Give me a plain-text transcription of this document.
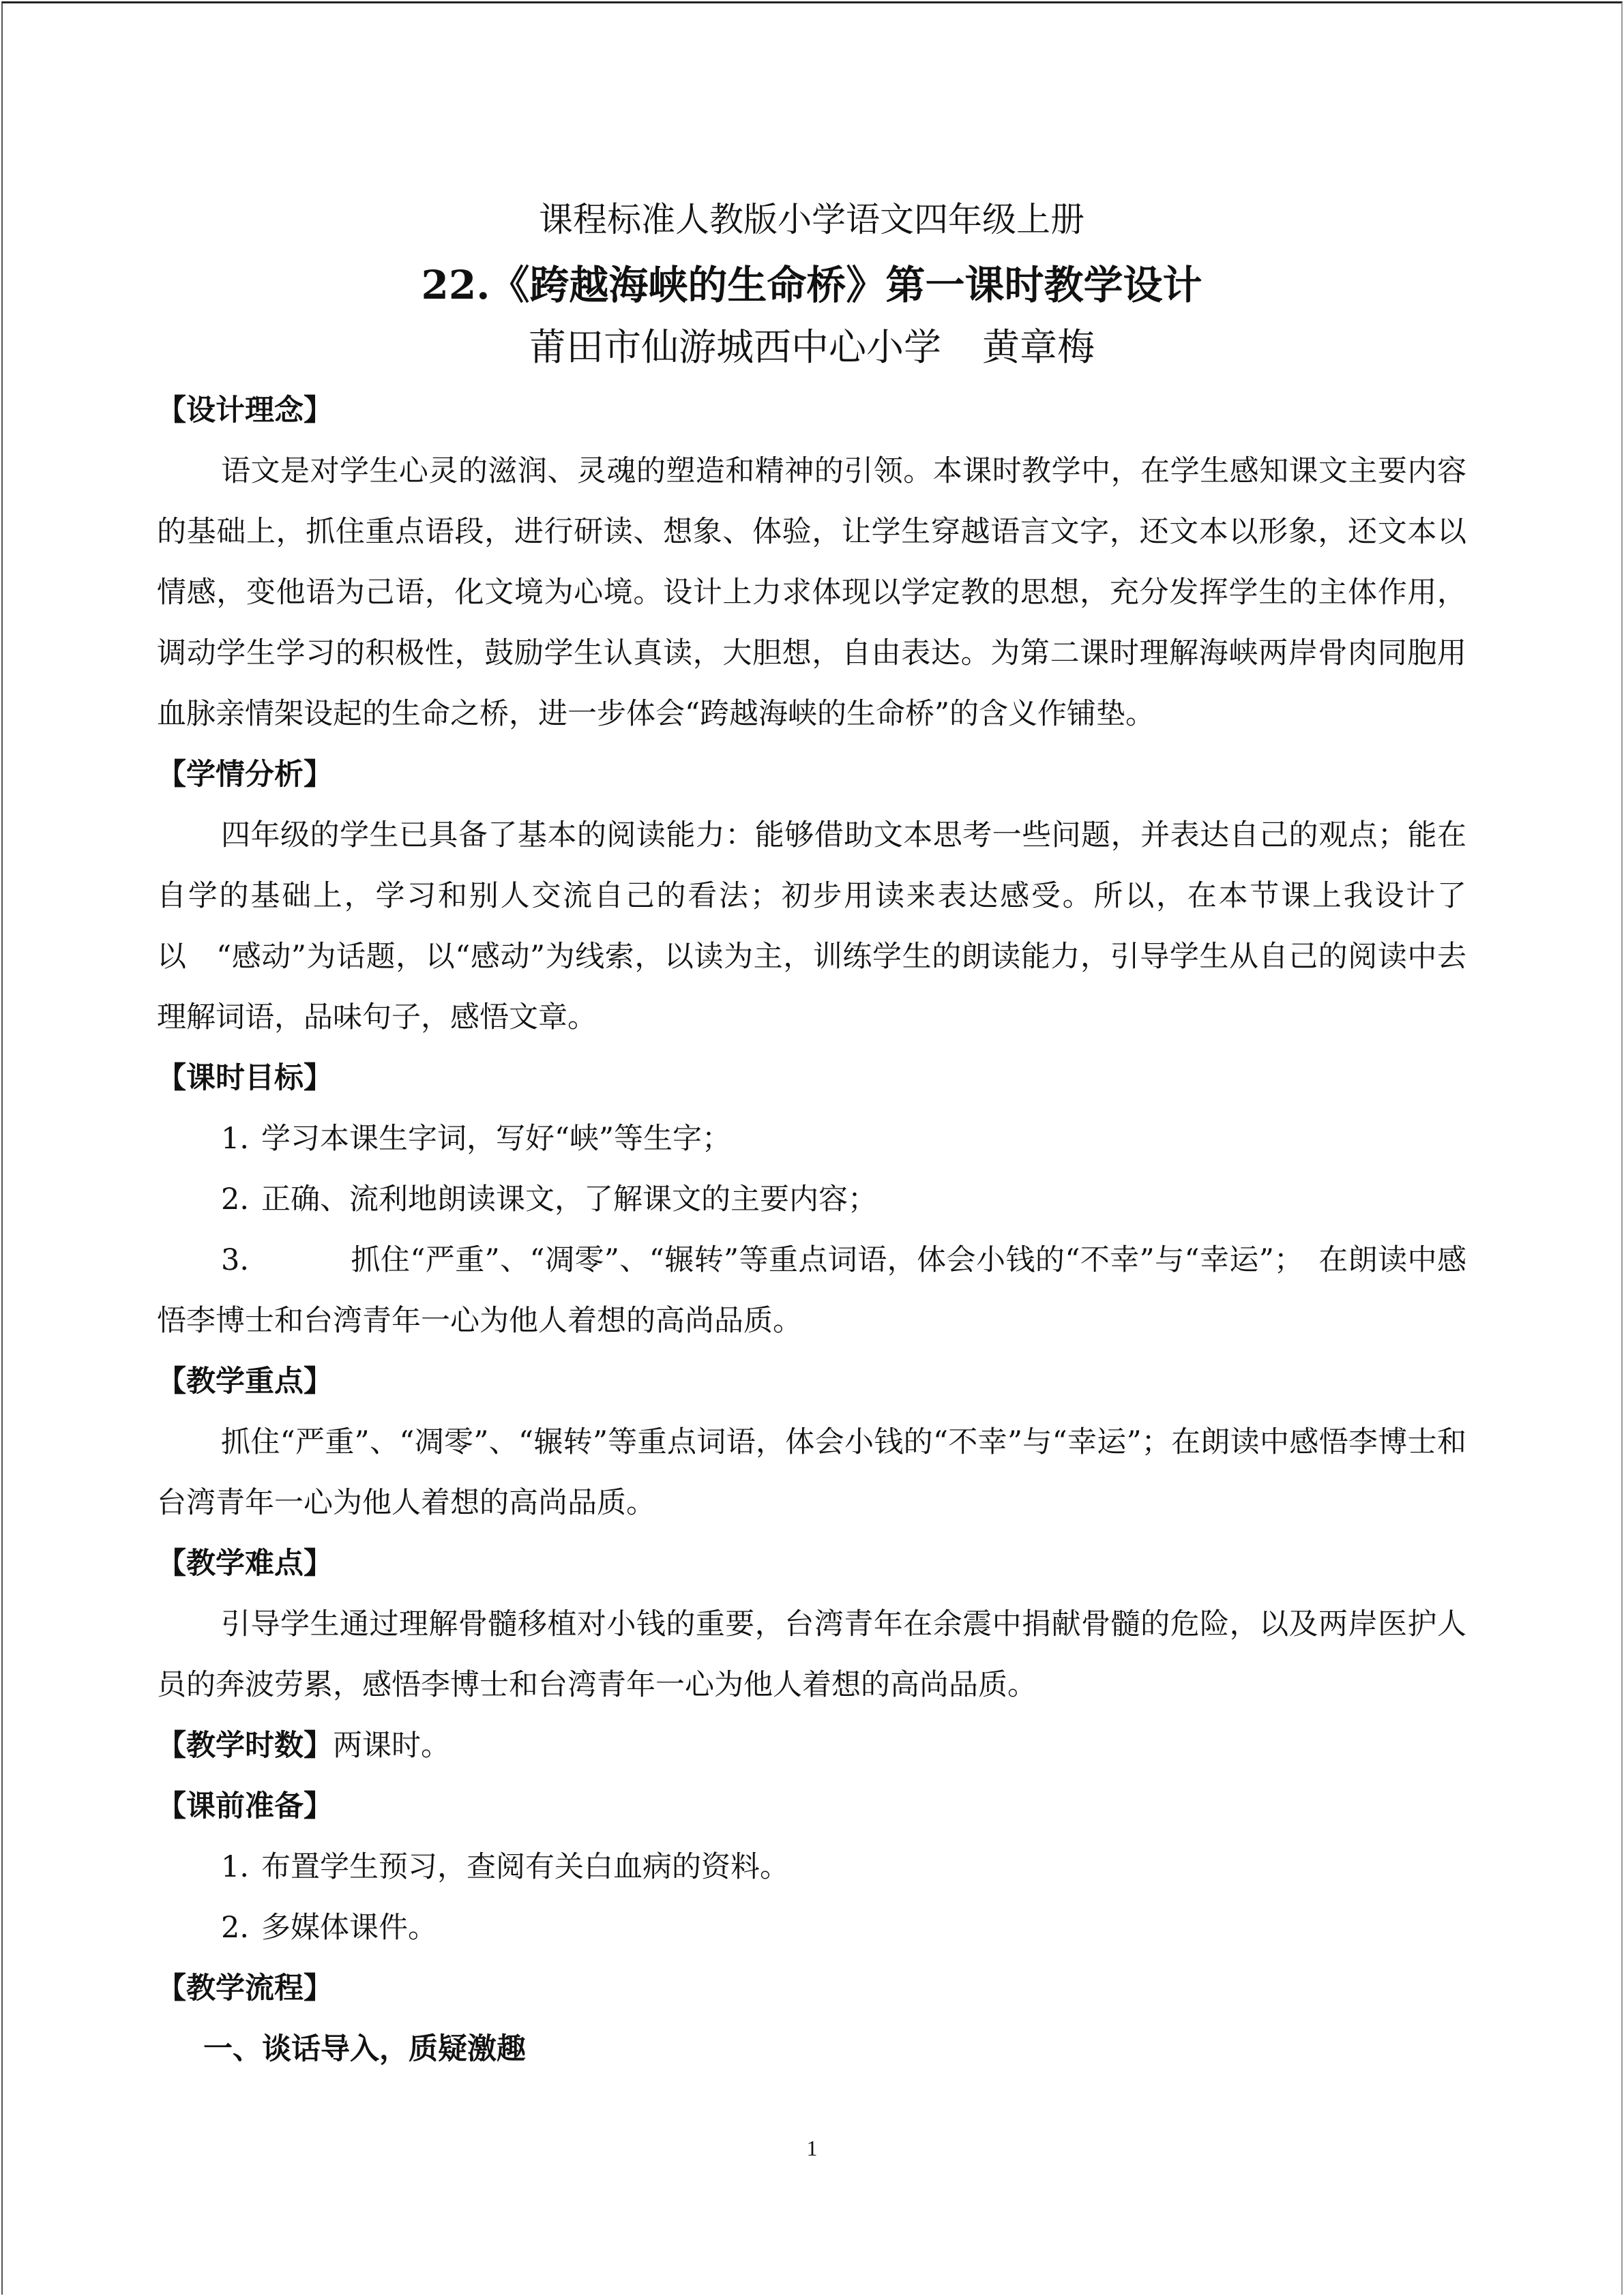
课程标准人教版小学语文四年级上册

22.《跨越海峡的生命桥》第一课时教学设计

莆田市仙游城西中心小学 黄章梅

【设计理念】

语文是对学生心灵的滋润、灵魂的塑造和精神的引领。本课时教学中，在学生感知课文主要内容的基础上，抓住重点语段，进行研读、想象、体验，让学生穿越语言文字，还文本以形象，还文本以情感，变他语为己语，化文境为心境。设计上力求体现以学定教的思想，充分发挥学生的主体作用，调动学生学习的积极性，鼓励学生认真读，大胆想，自由表达。为第二课时理解海峡两岸骨肉同胞用血脉亲情架设起的生命之桥，进一步体会“跨越海峡的生命桥”的含义作铺垫。

【学情分析】

四年级的学生已具备了基本的阅读能力：能够借助文本思考一些问题，并表达自己的观点；能在自学的基础上，学习和别人交流自己的看法；初步用读来表达感受。所以，在本节课上我设计了以　“感动”为话题，以“感动”为线索，以读为主，训练学生的朗读能力，引导学生从自己的阅读中去理解词语，品味句子，感悟文章。

【课时目标】

1. 学习本课生字词，写好“峡”等生字；

2. 正确、流利地朗读课文，了解课文的主要内容；

3.	抓住“严重”、“凋零”、“辗转”等重点词语，体会小钱的“不幸”与“幸运”；　在朗读中感悟李博士和台湾青年一心为他人着想的高尚品质。

【教学重点】

抓住“严重”、“凋零”、“辗转”等重点词语，体会小钱的“不幸”与“幸运”；在朗读中感悟李博士和台湾青年一心为他人着想的高尚品质。

【教学难点】

引导学生通过理解骨髓移植对小钱的重要，台湾青年在余震中捐献骨髓的危险，以及两岸医护人员的奔波劳累，感悟李博士和台湾青年一心为他人着想的高尚品质。

【教学时数】两课时。

【课前准备】

1. 布置学生预习，查阅有关白血病的资料。

2. 多媒体课件。

【教学流程】

一、谈话导入，质疑激趣

1
